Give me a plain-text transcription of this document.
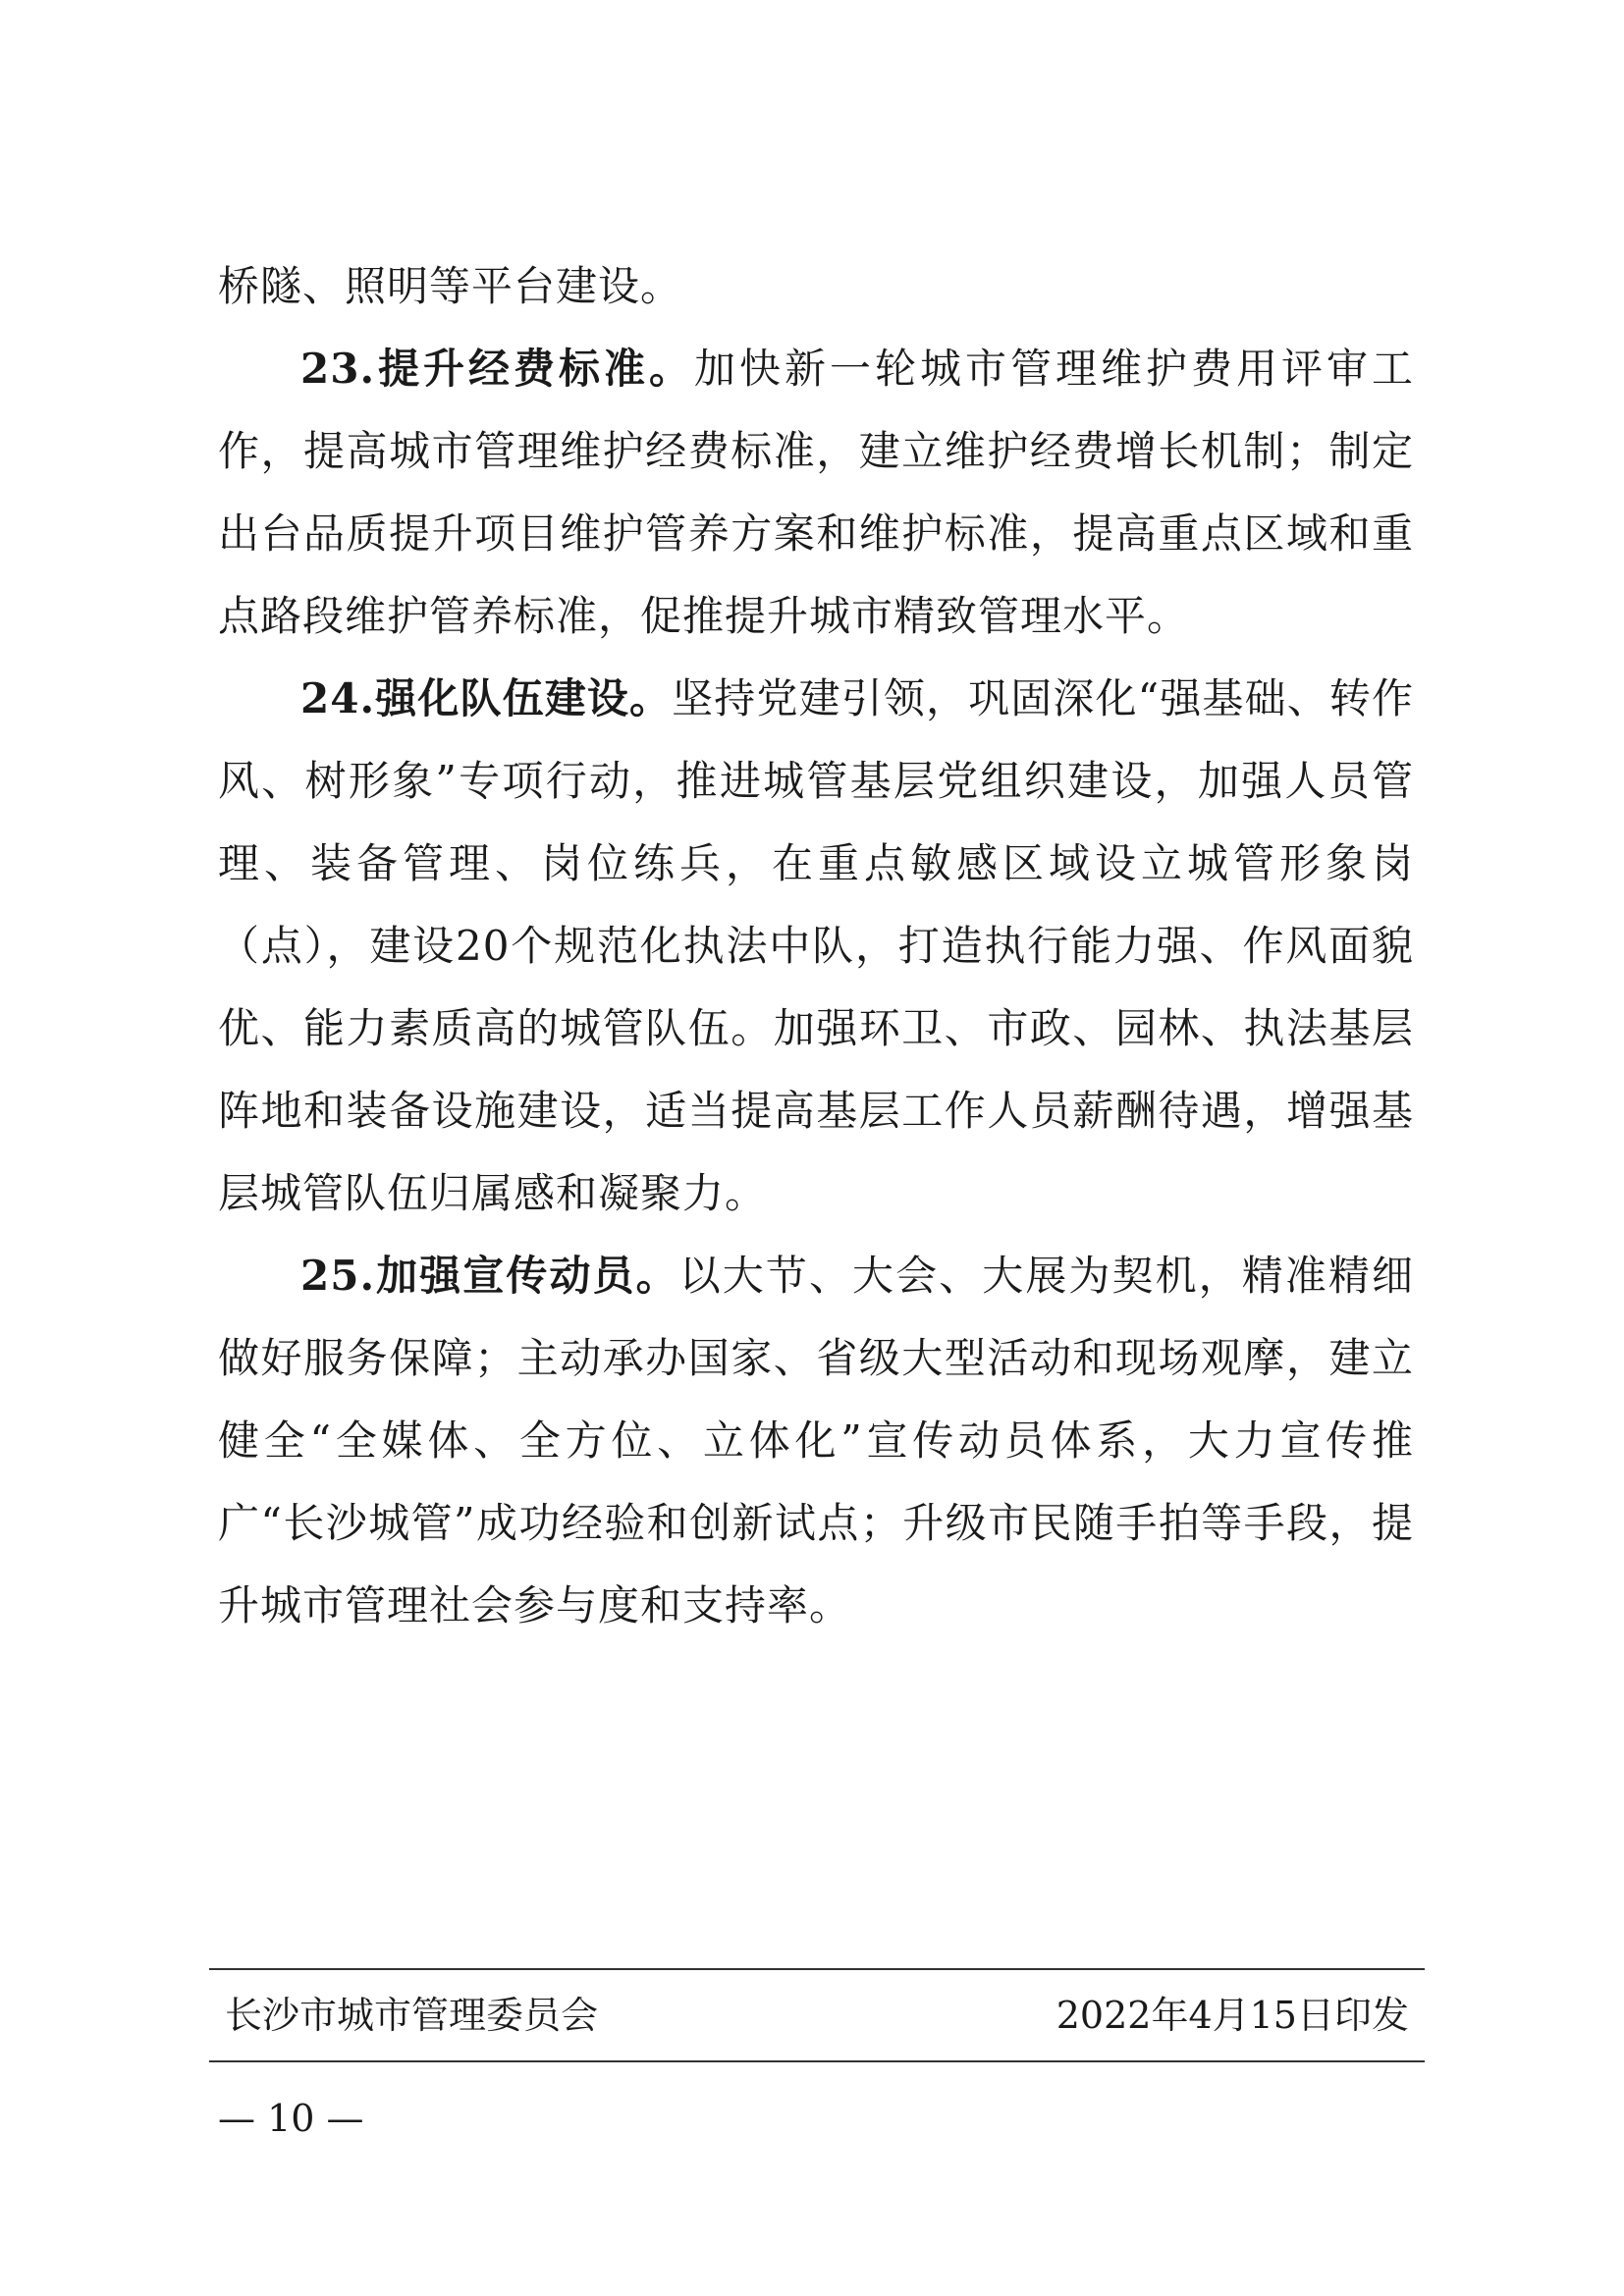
桥隧、照明等平台建设。

23.提升经费标准。加快新一轮城市管理维护费用评审工作，提高城市管理维护经费标准，建立维护经费增长机制；制定出台品质提升项目维护管养方案和维护标准，提高重点区域和重点路段维护管养标准，促推提升城市精致管理水平。

24.强化队伍建设。坚持党建引领，巩固深化“强基础、转作风、树形象”专项行动，推进城管基层党组织建设，加强人员管理、装备管理、岗位练兵，在重点敏感区域设立城管形象岗（点），建设20个规范化执法中队，打造执行能力强、作风面貌优、能力素质高的城管队伍。加强环卫、市政、园林、执法基层阵地和装备设施建设，适当提高基层工作人员薪酬待遇，增强基层城管队伍归属感和凝聚力。

25.加强宣传动员。以大节、大会、大展为契机，精准精细做好服务保障；主动承办国家、省级大型活动和现场观摩，建立健全“全媒体、全方位、立体化”宣传动员体系，大力宣传推广“长沙城管”成功经验和创新试点；升级市民随手拍等手段，提升城市管理社会参与度和支持率。

长沙市城市管理委员会	2022年4月15日印发
— 10 —
